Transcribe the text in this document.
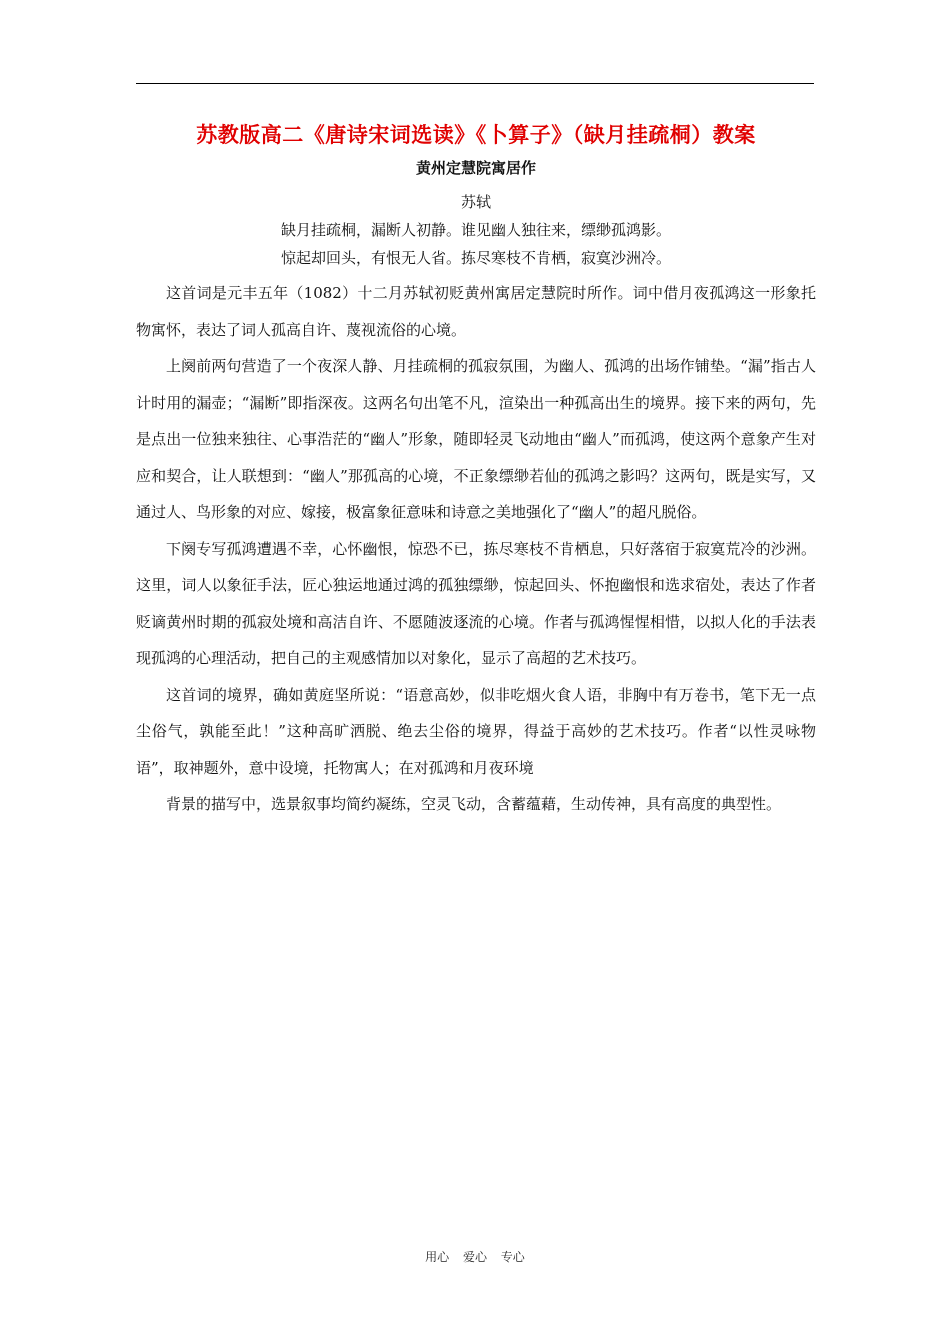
苏教版高二《唐诗宋词选读》《卜算子》（缺月挂疏桐）教案
黄州定慧院寓居作
苏轼
缺月挂疏桐，漏断人初静。谁见幽人独往来，缥缈孤鸿影。
惊起却回头，有恨无人省。拣尽寒枝不肯栖，寂寞沙洲冷。

这首词是元丰五年（1082）十二月苏轼初贬黄州寓居定慧院时所作。词中借月夜孤鸿这一形象托物寓怀，表达了词人孤高自许、蔑视流俗的心境。

上阕前两句营造了一个夜深人静、月挂疏桐的孤寂氛围，为幽人、孤鸿的出场作铺垫。“漏”指古人计时用的漏壶；“漏断”即指深夜。这两名句出笔不凡，渲染出一种孤高出生的境界。接下来的两句，先是点出一位独来独往、心事浩茫的“幽人”形象，随即轻灵飞动地由“幽人”而孤鸿，使这两个意象产生对应和契合，让人联想到：“幽人”那孤高的心境，不正象缥缈若仙的孤鸿之影吗？这两句，既是实写，又通过人、鸟形象的对应、嫁接，极富象征意味和诗意之美地强化了“幽人”的超凡脱俗。

下阕专写孤鸿遭遇不幸，心怀幽恨，惊恐不已，拣尽寒枝不肯栖息，只好落宿于寂寞荒冷的沙洲。这里，词人以象征手法，匠心独运地通过鸿的孤独缥缈，惊起回头、怀抱幽恨和选求宿处，表达了作者贬谪黄州时期的孤寂处境和高洁自许、不愿随波逐流的心境。作者与孤鸿惺惺相惜，以拟人化的手法表现孤鸿的心理活动，把自己的主观感情加以对象化，显示了高超的艺术技巧。

这首词的境界，确如黄庭坚所说：“语意高妙，似非吃烟火食人语，非胸中有万卷书，笔下无一点尘俗气，孰能至此！”这种高旷洒脱、绝去尘俗的境界，得益于高妙的艺术技巧。作者“以性灵咏物语”，取神题外，意中设境，托物寓人；在对孤鸿和月夜环境

背景的描写中，选景叙事均简约凝练，空灵飞动，含蓄蕴藉，生动传神，具有高度的典型性。

用心 爱心 专心
